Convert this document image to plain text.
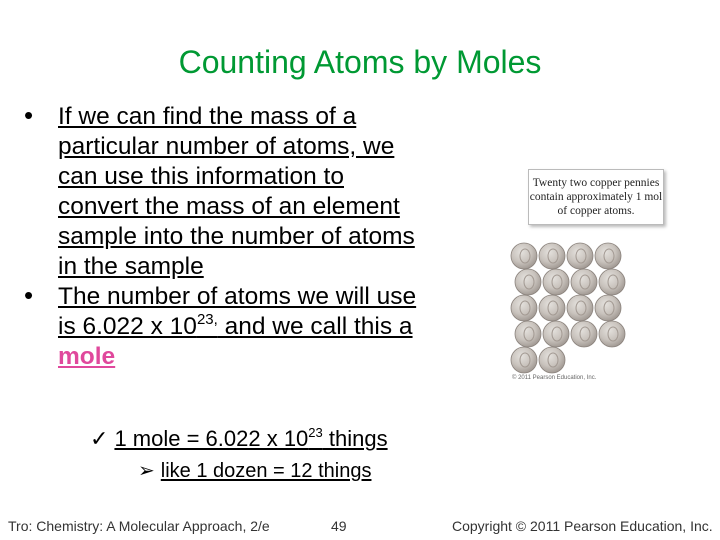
Counting Atoms by Moles
• If we can find the mass of a
particular number of atoms, we
can use this information to
convert the mass of an element
sample into the number of atoms
in the sample
• The number of atoms we will use
is 6.022 x $10^{23,}$ and we call this a
mole
✓ 1 mole = 6.022 x $10^{23}$ things
➢ like 1 dozen = 12 things
Twenty two copper pennies contain approximately 1 mol of copper atoms.
© 2011 Pearson Education, Inc.
Tro: Chemistry: A Molecular Approach, 2/e	49	Copyright © 2011 Pearson Education, Inc.
